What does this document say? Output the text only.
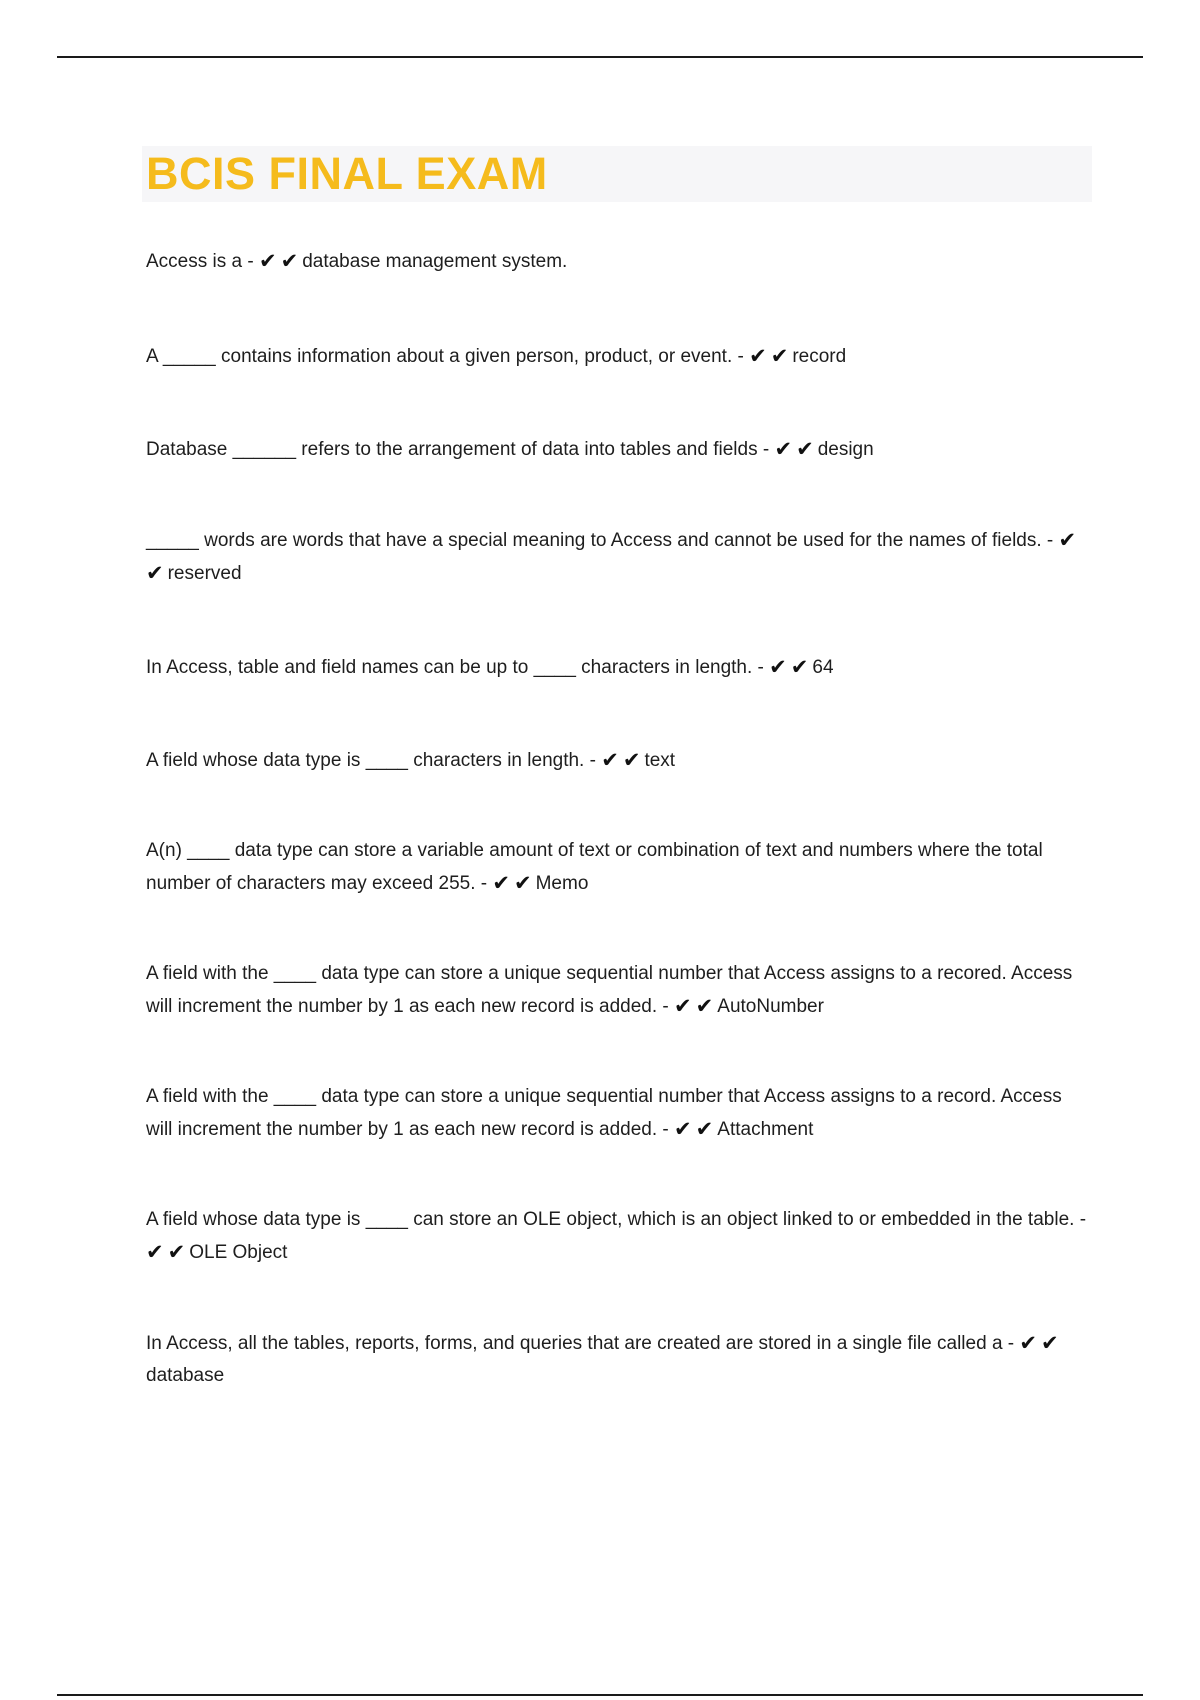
BCIS FINAL EXAM

Access is a - ✔ ✔ database management system.

A _____ contains information about a given person, product, or event. - ✔ ✔ record

Database ______ refers to the arrangement of data into tables and fields - ✔ ✔ design

_____ words are words that have a special meaning to Access and cannot be used for the names of fields. - ✔✔ reserved

In Access, table and field names can be up to ____ characters in length. - ✔ ✔ 64

A field whose data type is ____ characters in length. - ✔ ✔ text

A(n) ____ data type can store a variable amount of text or combination of text and numbers where the total number of characters may exceed 255. - ✔ ✔ Memo

A field with the ____ data type can store a unique sequential number that Access assigns to a recored. Access will increment the number by 1 as each new record is added. - ✔ ✔ AutoNumber

A field with the ____ data type can store a unique sequential number that Access assigns to a record. Access will increment the number by 1 as each new record is added. - ✔ ✔ Attachment

A field whose data type is ____ can store an OLE object, which is an object linked to or embedded in the table. - ✔ ✔ OLE Object

In Access, all the tables, reports, forms, and queries that are created are stored in a single file called a - ✔ ✔database
